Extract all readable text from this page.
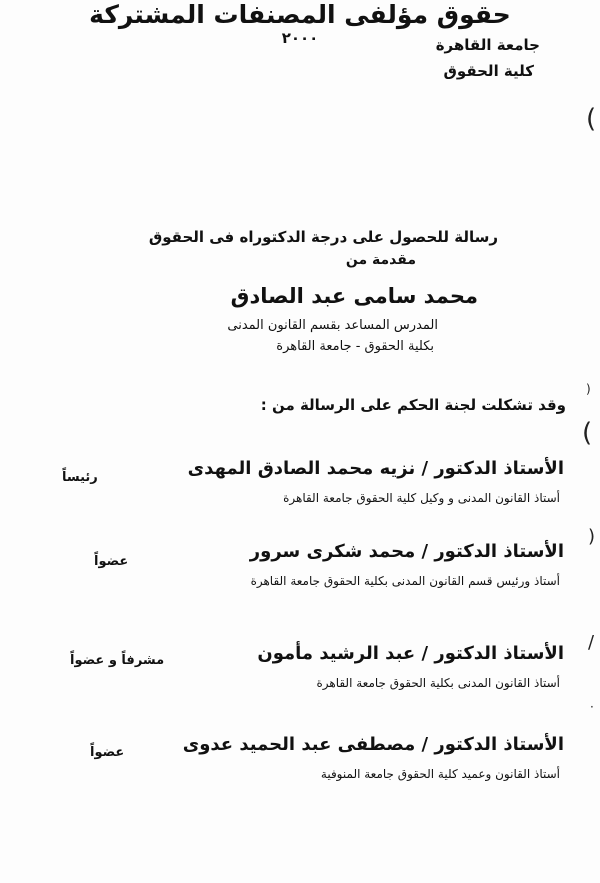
جامعة القاهرة
كلية الحقوق
حقوق مؤلفى المصنفات المشتركة
رسالة للحصول على درجة الدكتوراه فى الحقوق
مقدمة من
محمد سامى عبد الصادق
المدرس المساعد بقسم القانون المدنى
بكلية الحقوق - جامعة القاهرة
وقد تشكلت لجنة الحكم على الرسالة من :
الأستاذ الدكتور / نزيه محمد الصادق المهدى
أستاذ القانون المدنى و وكيل كلية الحقوق جامعة القاهرة
رئيساً
الأستاذ الدكتور / محمد شكرى سرور
أستاذ ورئيس قسم القانون المدنى بكلية الحقوق جامعة القاهرة
عضواً
الأستاذ الدكتور / عبد الرشيد مأمون
أستاذ القانون المدنى بكلية الحقوق جامعة القاهرة
مشرفاً و عضواً
الأستاذ الدكتور / مصطفى عبد الحميد عدوى
أستاذ القانون وعميد كلية الحقوق جامعة المنوفية
عضواً
٢٠٠٠
(
)
(
)
/
·
